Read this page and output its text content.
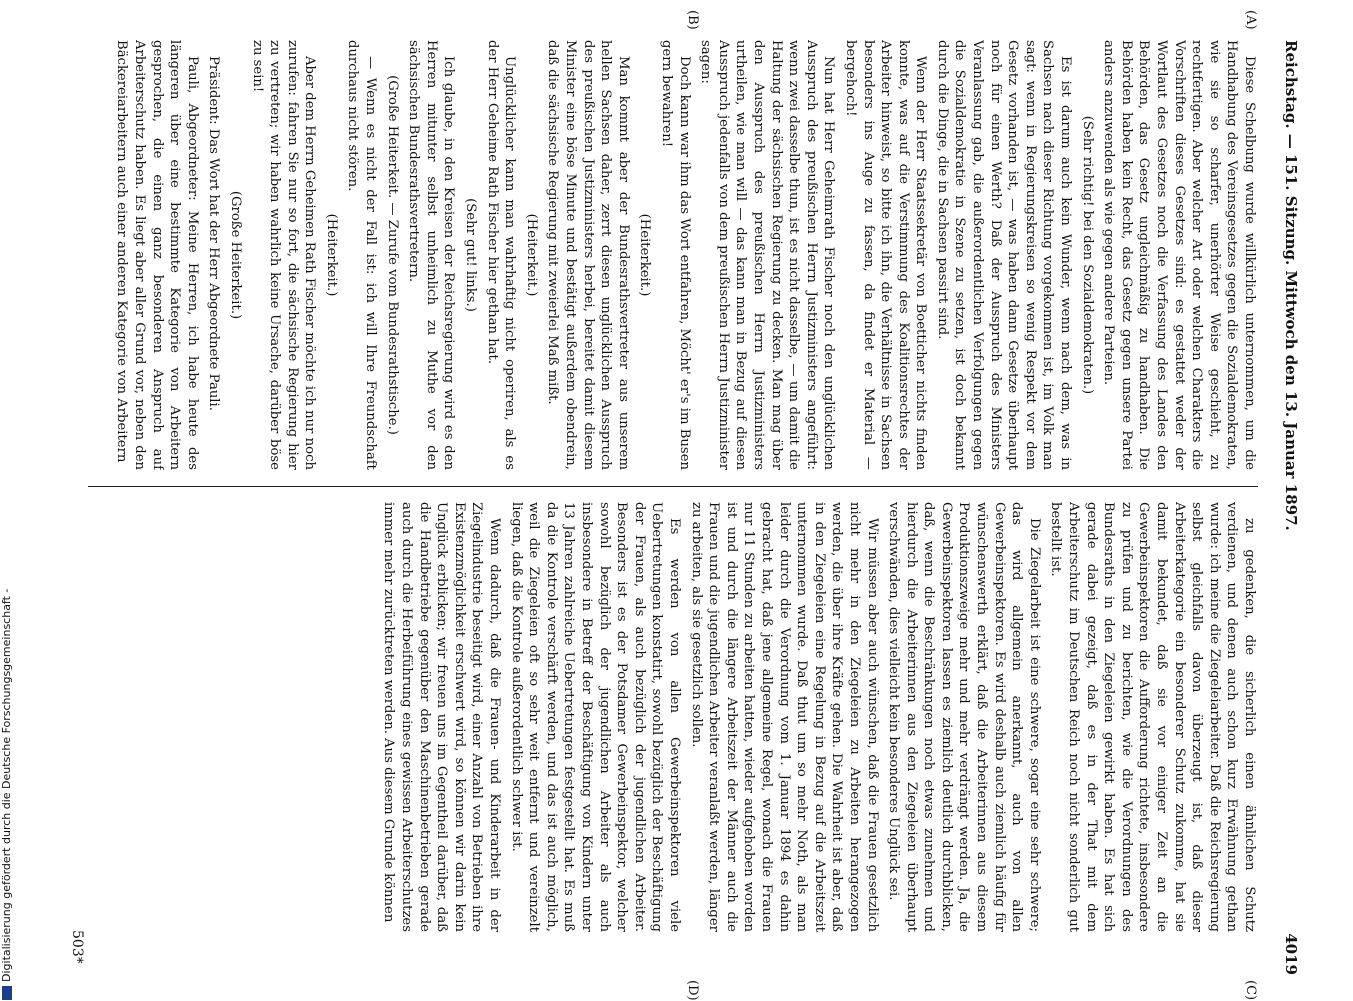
Reichstag. — 151. Sitzung. Mittwoch den 13. Januar 1897.
4019
(A)
(B)
(C)
(D)

Diese Schelbung wurde willkürlich unternommen, um die Handhabung des Vereinsgesetzes gegen die Sozialdemokraten, wie sie so scharfer, unerhörter Weise geschieht, zu rechtfertigen. Aber welcher Art oder welchen Charakters die Vorschriften dieses Gesetzes sind: es gestattet weder der Wortlaut des Gesetzes noch die Verfassung des Landes den Behörden, das Gesetz ungleichmäßig zu handhaben. Die Behörden haben kein Recht, das Gesetz gegen unsere Partei anders anzuwenden als wie gegen andere Parteien.

(Sehr richtig! bei den Sozialdemokraten.)

Es ist darum auch kein Wunder, wenn nach dem, was in Sachsen nach dieser Richtung vorgekommen ist, im Volk man sagt: wenn in Regierungskreisen so wenig Respekt vor dem Gesetz vorhanden ist, — was haben dann Gesetze überhaupt noch für einen Werth? Daß der Ausspruch des Ministers Veranlassung gab, die außerordentlichen Verfolgungen gegen die Sozialdemokratie in Szene zu setzen, ist doch bekannt durch die Dinge, die in Sachsen passirt sind.

Wenn der Herr Staatssekretär von Boetticher nichts finden konnte, was auf die Verstimmung des Koalitionsrechtes der Arbeiter hinweist, so bitte ich ihn, die Verhältnisse in Sachsen besonders ins Auge zu fassen, da findet er Material — bergehoch!

Nun hat Herr Geheimrath Fischer noch den unglücklichen Ausspruch des preußischen Herrn Justizministers angeführt: wenn zwei dasselbe thun, ist es nicht dasselbe, — um damit die Haltung der sächsischen Regierung zu decken. Man mag über den Ausspruch des preußischen Herrn Justizministers urtheilen, wie man will — das kann man in Bezug auf diesen Ausspruch jedenfalls von dem preußischen Herrn Justizminister sagen:

Doch kann war ihm das Wort entfahren, Möcht' er's im Busen gern bewahren!

(Heiterkeit.)

Man kommt aber der Bundesrathsvertreter aus unserem hellen Sachsen daher, zerrt diesen unglücklichen Ausspruch des preußischen Justizministers herbei, bereitet damit diesem Minister eine böse Minute und bestätigt außerdem obendrein, daß die sächsische Regierung mit zweierlei Maß mißt.

(Heiterkeit.)

Unglücklicher kann man wahrhaftig nicht operiren, als es der Herr Geheime Rath Fischer hier gethan hat.

(Sehr gut! links.)

Ich glaube, in den Kreisen der Reichsregierung wird es den Herren mitunter selbst unheimlich zu Muthe vor den sächsischen Bundesrathsvertretern.

(Große Heiterkeit. — Zurufe vom Bundesrathstische.)

— Wenn es nicht der Fall ist: ich will Ihre Freundschaft durchaus nicht stören.

(Heiterkeit.)

Aber dem Herrn Geheimen Rath Fischer möchte ich nur noch zurufen: fahren Sie nur so fort, die sächsische Regierung hier zu vertreten; wir haben wahrlich keine Ursache, darüber böse zu sein!

(Große Heiterkeit.)

Präsident: Das Wort hat der Herr Abgeordnete Pauli.

Pauli, Abgeordneter: Meine Herren, ich habe heute des längeren über eine bestimmte Kategorie von Arbeitern gesprochen, die einen ganz besonderen Anspruch auf Arbeiterschutz haben. Es liegt aber aller Grund vor, neben den Bäckereiarbeitern auch einer anderen Kategorie von Arbeitern

zu gedenken, die sicherlich einen ähnlichen Schutz verdienen, und denen auch schon kurz Erwähnung gethan wurde: ich meine die Ziegeleiarbeiter. Daß die Reichsregierung selbst gleichfalls davon überzeugt ist, daß dieser Arbeiterkategorie ein besonderer Schutz zukomme, hat sie damit bekundet, daß sie vor einiger Zeit an die Gewerbeinspektoren die Aufforderung richtete, insbesondere zu prüfen und zu berichten, wie die Verordnungen des Bundesraths in den Ziegeleien gewirkt haben. Es hat sich gerade dabei gezeigt, daß es in der That mit dem Arbeiterschutz im Deutschen Reich noch nicht sonderlich gut bestellt ist.

Die Ziegelarbeit ist eine schwere, sogar eine sehr schwere; das wird allgemein anerkannt, auch von allen Gewerbeinspektoren. Es wird deshalb auch ziemlich häufig für wünschenswerth erklärt, daß die Arbeiterinnen aus diesem Produktionszweige mehr und mehr verdrängt werden. Ja, die Gewerbeinspektoren lassen es ziemlich deutlich durchblicken, daß, wenn die Beschränkungen noch etwas zunehmen und hierdurch die Arbeiterinnen aus den Ziegeleien überhaupt verschwänden, dies vielleicht kein besonderes Unglück sei.

Wir müssen aber auch wünschen, daß die Frauen gesetzlich nicht mehr in den Ziegeleien zu Arbeiten herangezogen werden, die über ihre Kräfte gehen. Die Wahrheit ist aber, daß in den Ziegeleien eine Regelung in Bezug auf die Arbeitszeit unternommen wurde. Daß thut um so mehr Noth, als man leider durch die Verordnung vom 1. Januar 1894 es dahin gebracht hat, daß jene allgemeine Regel, wonach die Frauen nur 11 Stunden zu arbeiten hatten, wieder aufgehoben worden ist und durch die längere Arbeitszeit der Männer auch die Frauen und die jugendlichen Arbeiter veranlaßt werden, länger zu arbeiten, als sie gesetzlich sollen.

Es werden von allen Gewerbeinspektoren viele Uebertretungen konstatirt, sowohl bezüglich der Beschäftigung der Frauen, als auch bezüglich der jugendlichen Arbeiter. Besonders ist es der Potsdamer Gewerbeinspektor, welcher sowohl bezüglich der jugendlichen Arbeiter als auch insbesondere in Betreff der Beschäftigung von Kindern unter 13 Jahren zahlreiche Uebertretungen festgestellt hat. Es muß da die Kontrole verschärft werden, und das ist auch möglich, weil die Ziegeleien oft so sehr weit entfernt und vereinzelt liegen, daß die Kontrole außerordentlich schwer ist.

Wenn dadurch, daß die Frauen- und Kinderarbeit in der Ziegelindustrie beseitigt wird, einer Anzahl von Betrieben ihre Existenzmöglichkeit erschwert wird, so können wir darin kein Unglück erblicken; wir freuen uns im Gegentheil darüber, daß die Handbetriebe gegenüber den Maschinenbetrieben gerade auch durch die Herbeiführung eines gewissen Arbeiterschutzes immer mehr zurücktreten werden. Aus diesem Grunde können

503*
Digitalisierung gefördert durch die Deutsche Forschungsgemeinschaft -
